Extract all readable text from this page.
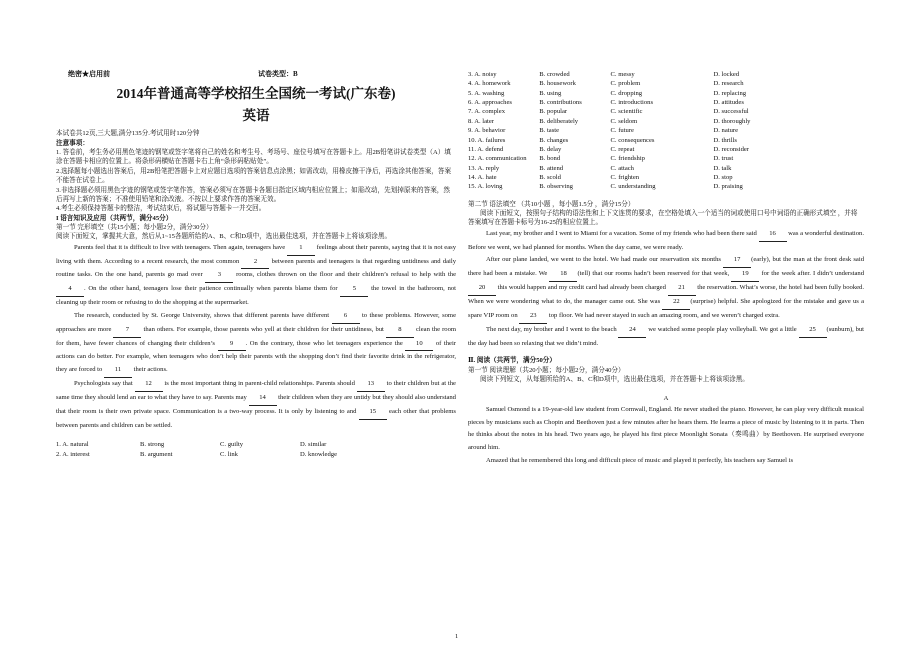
绝密★启用前	试卷类型：B
2014年普通高等学校招生全国统一考试(广东卷)
英语

本试卷共12页,三大题,满分135分.考试用时120分钟

注意事项：

1. 答卷前，考生务必用黑色笔迹的钢笔或签字笔将自己的姓名和考生号、考场号、座位号填写在答题卡上。用2B铅笔讲试卷类型（A）填涂在答题卡相应的位置上。将条形码横贴在答题卡右上角“条形码粘贴处”。

2.选择题每小题选出答案后，用2B铅笔把答题卡上对应题目选项的答案信息点涂黑；如需改动，用橡皮擦干净后，再选涂其他答案，答案不能答在试卷上。

3.非选择题必须用黑色字迹的钢笔或签字笔作答，答案必须写在答题卡各题目指定区域内相应位置上；如需改动，先划掉原来的答案，然后再写上新的答案；不准使用铅笔和涂改液。不按以上要求作答的答案无效。

4.考生必须保持答题卡的整洁，考试结束后，将试题与答题卡一并交回。

I 语言知识及应用（共两节，满分45分）

第一节 完形填空（共15小题；每小题2分，满分30分）

阅读下面短文，掌握其大意，然后从1~15各题所给的A、B、C和D项中，选出最佳选项，并在答题卡上将该项涂黑。

Parents feel that it is difficult to live with teenagers. Then again, teenagers have 1 feelings about their parents, saying that it is not easy living with them. According to a recent research, the most common 2 between parents and teenagers is that regarding untidiness and daily routine tasks. On the one hand, parents go mad over 3 rooms, clothes thrown on the floor and their children’s refusal to help with the 4 . On the other hand, teenagers lose their patience continually when parents blame them for 5 the towel in the bathroom, not cleaning up their room or refusing to do the shopping at the supermarket.

The research, conducted by St. George University, shows that different parents have different 6 to these problems. However, some approaches are more 7 than others. For example, those parents who yell at their children for their untidiness, but 8 clean the room for them, have fewer chances of changing their children’s 9 . On the contrary, those who let teenagers experience the 10 of their actions can do better. For example, when teenagers who don’t help their parents with the shopping don’t find their favorite drink in the refrigerator, they are forced to 11 their actions.

Psychologists say that 12 is the most important thing in parent-child relationships. Parents should 13 to their children but at the same time they should lend an ear to what they have to say. Parents may 14 their children when they are untidy but they should also understand that their room is their own private space. Communication is a two-way process. It is only by listening to and 15 each other that problems between parents and children can be settled.

1. A. natural	B. strong	C. guilty	D. similar
2. A. interest	B. argument	C. link	D. knowledge
3. A. noisy	B. crowded	C. messy	D. locked
4. A. homework	B. housework	C. problem	D. research
5. A. washing	B. using	C. dropping	D. replacing
6. A. approaches	B. contributions	C. introductions	D. attitudes
7. A. complex	B. popular	C. scientific	D. successful
8. A. later	B. deliberately	C. seldom	D. thoroughly
9. A. behavior	B. taste	C. future	D. nature
10. A. failures	B. changes	C. consequences	D. thrills
11. A. defend	B. delay	C. repeat	D. reconsider
12. A. communication	B. bond	C. friendship	D. trust
13. A. reply	B. attend	C. attach	D. talk
14. A. hate	B. scold	C. frighten	D. stop
15. A. loving	B. observing	C. understanding	D. praising

第二节 语法填空 （共10小题 ，每小题1.5分 ，满分15分）

阅读下面短文，按照句子结构的语法性和上下文连贯的要求，在空格处填入一个适当的词或使用口号中词语的正确形式填空 ，并将答案填写在答题卡标号为16-25的相应位置上。

Last year, my brother and I went to Miami for a vacation. Some of my friends who had been there said 16 was a wonderful destination. Before we went, we had planned for months. When the day came, we were ready.

After our plane landed, we went to the hotel. We had made our reservation six months 17 (early), but the man at the front desk said there had been a mistake. We 18 (tell) that our rooms hadn’t been reserved for that week, 19 for the week after. I didn’t understand 20 this would happen and my credit card had already been charged 21 the reservation. What’s worse, the hotel had been fully booked. When we were wondering what to do, the manager came out. She was 22 (surprise) helpful. She apologized for the mistake and gave us a spare VIP room on 23 top floor. We had never stayed in such an amazing room, and we weren’t charged extra.

The next day, my brother and I went to the beach 24 we watched some people play volleyball. We got a little 25 (sunburn), but the day had been so relaxing that we didn’t mind.

Ⅱ. 阅读（共两节，满分50分）

第一节 阅读理解（共20小题；每小题2分，满分40分）

阅读下列短文，从每题所给的A、B、C和D项中，选出最佳选项，并在答题卡上将该项涂黑。

A

Samuel Osmond is a 19-year-old law student from Cornwall, England. He never studied the piano. However, he can play very difficult musical pieces by musicians such as Chopin and Beethoven just a few minutes after he hears them. He learns a piece of music by listening to it in parts. Then he thinks about the notes in his head. Two years ago, he played his first piece Moonlight Sonata（奏鸣曲）by Beethoven. He surprised everyone around him.

Amazed that he remembered this long and difficult piece of music and played it perfectly, his teachers say Samuel is

1
